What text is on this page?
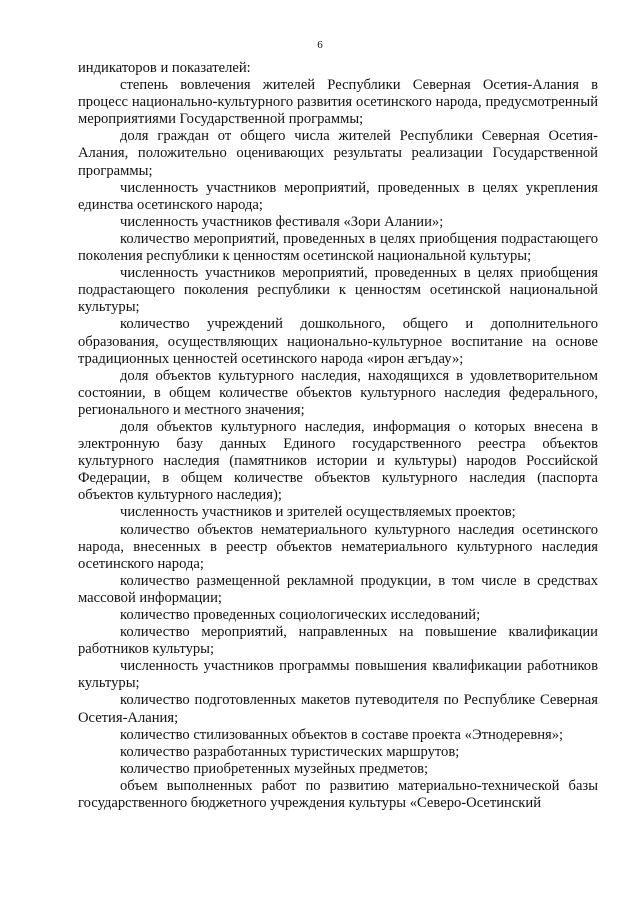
6

индикаторов и показателей:

степень вовлечения жителей Республики Северная Осетия-Алания в процесс национально-культурного развития осетинского народа, предусмотренный мероприятиями Государственной программы;

доля граждан от общего числа жителей Республики Северная Осетия-Алания, положительно оценивающих результаты реализации Государственной программы;

численность участников мероприятий, проведенных в целях укрепления единства осетинского народа;

численность участников фестиваля «Зори Алании»;

количество мероприятий, проведенных в целях приобщения подрастающего поколения республики к ценностям осетинской национальной культуры;

численность участников мероприятий, проведенных в целях приобщения подрастающего поколения республики к ценностям осетинской национальной культуры;

количество учреждений дошкольного, общего и дополнительного образования, осуществляющих национально-культурное воспитание на основе традиционных ценностей осетинского народа «ирон æгъдау»;

доля объектов культурного наследия, находящихся в удовлетворительном состоянии, в общем количестве объектов культурного наследия федерального, регионального и местного значения;

доля объектов культурного наследия, информация о которых внесена в электронную базу данных Единого государственного реестра объектов культурного наследия (памятников истории и культуры) народов Российской Федерации, в общем количестве объектов культурного наследия (паспорта объектов культурного наследия);

численность участников и зрителей осуществляемых проектов;

количество объектов нематериального культурного наследия осетинского народа, внесенных в реестр объектов нематериального культурного наследия осетинского народа;

количество размещенной рекламной продукции, в том числе в средствах массовой информации;

количество проведенных социологических исследований;

количество мероприятий, направленных на повышение квалификации работников культуры;

численность участников программы повышения квалификации работников культуры;

количество подготовленных макетов путеводителя по Республике Северная Осетия-Алания;

количество стилизованных объектов в составе проекта «Этнодеревня»;

количество разработанных туристических маршрутов;

количество приобретенных музейных предметов;

объем выполненных работ по развитию материально-технической базы государственного бюджетного учреждения культуры «Северо-Осетинский
